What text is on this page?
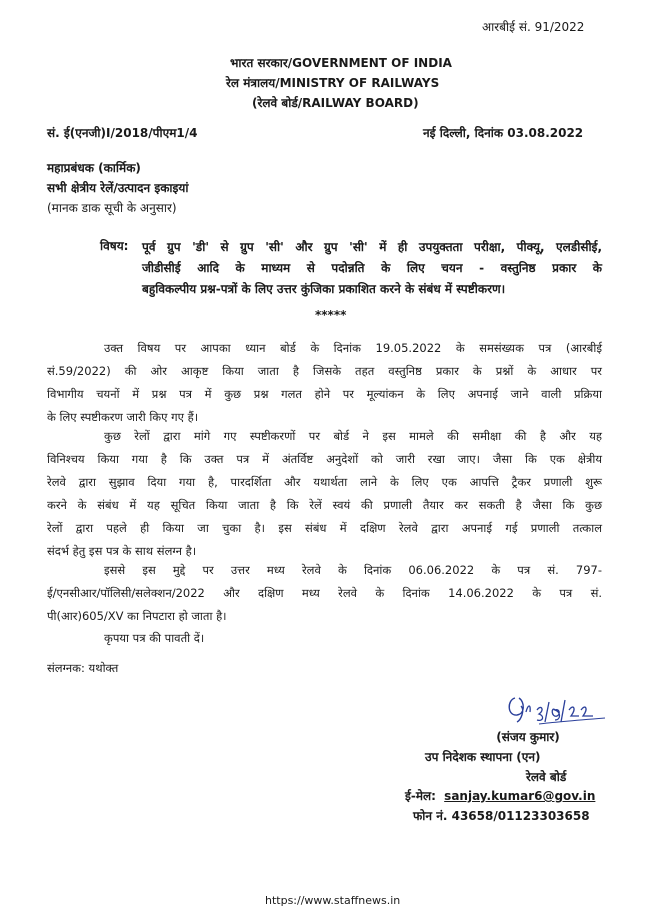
आरबीई सं. 91/2022
भारत सरकार/GOVERNMENT OF INDIA
रेल मंत्रालय/MINISTRY OF RAILWAYS
(रेलवे बोर्ड/RAILWAY BOARD)
सं. ई(एनजी)I/2018/पीएम1/4	नई दिल्ली, दिनांक 03.08.2022
महाप्रबंधक (कार्मिक)
सभी क्षेत्रीय रेलें/उत्पादन इकाइयां
(मानक डाक सूची के अनुसार)
विषय: पूर्व ग्रुप 'डी' से ग्रुप 'सी' और ग्रुप 'सी' में ही उपयुक्तता परीक्षा, पीक्यू, एलडीसीई,
जीडीसीई आदि के माध्यम से पदोन्नति के लिए चयन - वस्तुनिष्ठ प्रकार के
बहुविकल्पीय प्रश्न-पत्रों के लिए उत्तर कुंजिका प्रकाशित करने के संबंध में स्पष्टीकरण।
*****

उक्त विषय पर आपका ध्यान बोर्ड के दिनांक 19.05.2022 के समसंख्यक पत्र (आरबीई

सं.59/2022) की ओर आकृष्ट किया जाता है जिसके तहत वस्तुनिष्ठ प्रकार के प्रश्नों के आधार पर

विभागीय चयनों में प्रश्न पत्र में कुछ प्रश्न गलत होने पर मूल्यांकन के लिए अपनाई जाने वाली प्रक्रिया

के लिए स्पष्टीकरण जारी किए गए हैं।

कुछ रेलों द्वारा मांगे गए स्पष्टीकरणों पर बोर्ड ने इस मामले की समीक्षा की है और यह

विनिश्चय किया गया है कि उक्त पत्र में अंतर्विष्ट अनुदेशों को जारी रखा जाए। जैसा कि एक क्षेत्रीय

रेलवे द्वारा सुझाव दिया गया है, पारदर्शिता और यथार्थता लाने के लिए एक आपत्ति ट्रैकर प्रणाली शुरू

करने के संबंध में यह सूचित किया जाता है कि रेलें स्वयं की प्रणाली तैयार कर सकती है जैसा कि कुछ

रेलों द्वारा पहले ही किया जा चुका है। इस संबंध में दक्षिण रेलवे द्वारा अपनाई गई प्रणाली तत्काल

संदर्भ हेतु इस पत्र के साथ संलग्न है।

इससे इस मुद्दे पर उत्तर मध्य रेलवे के दिनांक 06.06.2022 के पत्र सं. 797-

ई/एनसीआर/पॉलिसी/सलेक्शन/2022 और दक्षिण मध्य रेलवे के दिनांक 14.06.2022 के पत्र सं.

पी(आर)605/XV का निपटारा हो जाता है।

कृपया पत्र की पावती दें।
संलग्नक: यथोक्त
(संजय कुमार)
उप निदेशक स्थापना (एन)
रेलवे बोर्ड
ई-मेल: sanjay.kumar6@gov.in
फोन नं. 43658/01123303658
https://www.staffnews.in
